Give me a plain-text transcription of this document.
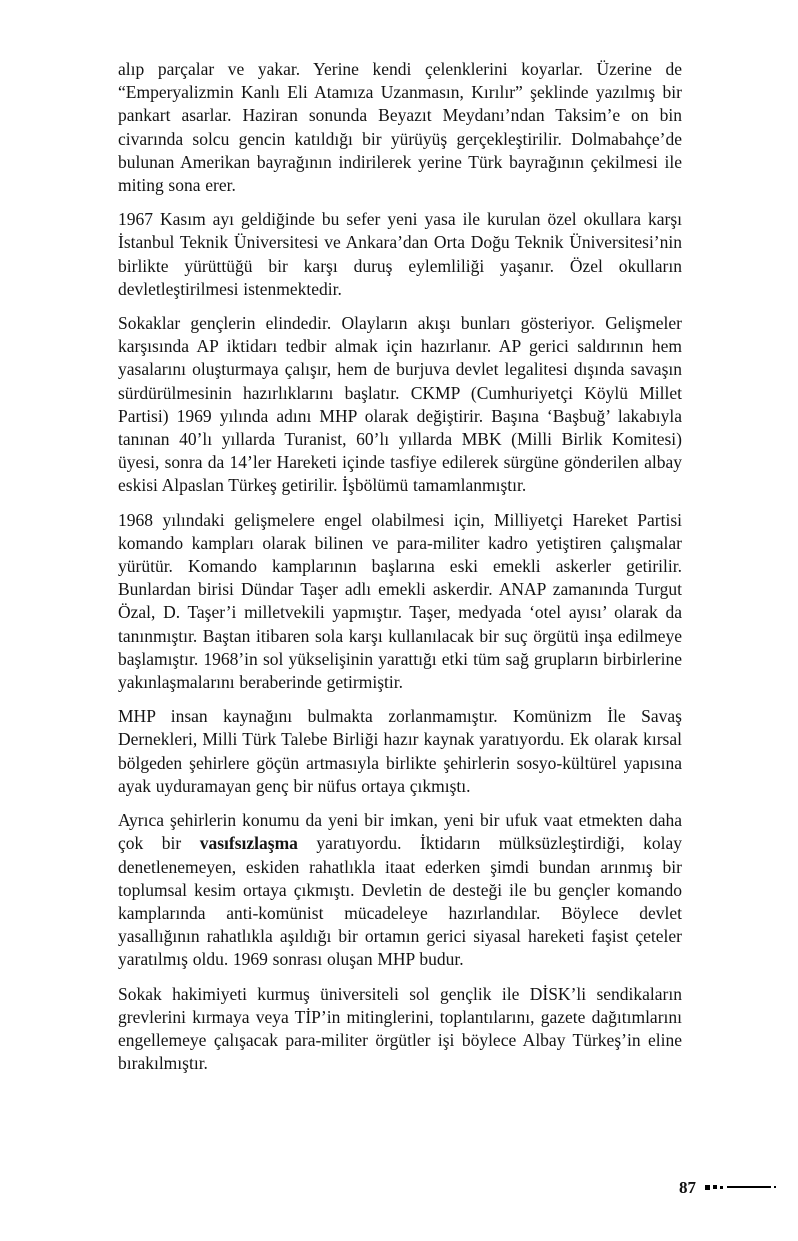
alıp parçalar ve yakar. Yerine kendi çelenklerini koyarlar. Üzerine de “Emperyalizmin Kanlı Eli Atamıza Uzanmasın, Kırılır” şeklinde yazılmış bir pankart asarlar. Haziran sonunda Beyazıt Meydanı’ndan Taksim’e on bin civarında solcu gencin katıldığı bir yürüyüş gerçekleştirilir. Dolmabahçe’de bulunan Amerikan bayrağının indirilerek yerine Türk bayrağının çekilmesi ile miting sona erer.

1967 Kasım ayı geldiğinde bu sefer yeni yasa ile kurulan özel okullara karşı İstanbul Teknik Üniversitesi ve Ankara’dan Orta Doğu Teknik Üniversitesi’nin birlikte yürüttüğü bir karşı duruş eylemliliği yaşanır. Özel okulların devletleştirilmesi istenmektedir.

Sokaklar gençlerin elindedir. Olayların akışı bunları gösteriyor. Gelişmeler karşısında AP iktidarı tedbir almak için hazırlanır. AP gerici saldırının hem yasalarını oluşturmaya çalışır, hem de burjuva devlet legalitesi dışında savaşın sürdürülmesinin hazırlıklarını başlatır. CKMP (Cumhuriyetçi Köylü Millet Partisi) 1969 yılında adını MHP olarak değiştirir. Başına ‘Başbuğ’ lakabıyla tanınan 40’lı yıllarda Turanist, 60’lı yıllarda MBK (Milli Birlik Komitesi) üyesi, sonra da 14’ler Hareketi içinde tasfiye edilerek sürgüne gönderilen albay eskisi Alpaslan Türkeş getirilir. İşbölümü tamamlanmıştır.

1968 yılındaki gelişmelere engel olabilmesi için, Milliyetçi Hareket Partisi komando kampları olarak bilinen ve para-militer kadro yetiştiren çalışmalar yürütür. Komando kamplarının başlarına eski emekli askerler getirilir. Bunlardan birisi Dündar Taşer adlı emekli askerdir. ANAP zamanında Turgut Özal, D. Taşer’i milletvekili yapmıştır. Taşer, medyada ‘otel ayısı’ olarak da tanınmıştır. Baştan itibaren sola karşı kullanılacak bir suç örgütü inşa edilmeye başlamıştır. 1968’in sol yükselişinin yarattığı etki tüm sağ grupların birbirlerine yakınlaşmalarını beraberinde getirmiştir.

MHP insan kaynağını bulmakta zorlanmamıştır. Komünizm İle Savaş Dernekleri, Milli Türk Talebe Birliği hazır kaynak yaratıyordu. Ek olarak kırsal bölgeden şehirlere göçün artmasıyla birlikte şehirlerin sosyo-kültürel yapısına ayak uyduramayan genç bir nüfus ortaya çıkmıştı.

Ayrıca şehirlerin konumu da yeni bir imkan, yeni bir ufuk vaat etmekten daha çok bir vasıfsızlaşma yaratıyordu. İktidarın mülksüzleştirdiği, kolay denetlenemeyen, eskiden rahatlıkla itaat ederken şimdi bundan arınmış bir toplumsal kesim ortaya çıkmıştı. Devletin de desteği ile bu gençler komando kamplarında anti-komünist mücadeleye hazırlandılar. Böylece devlet yasallığının rahatlıkla aşıldığı bir ortamın gerici siyasal hareketi faşist çeteler yaratılmış oldu. 1969 sonrası oluşan MHP budur.

Sokak hakimiyeti kurmuş üniversiteli sol gençlik ile DİSK’li sendikaların grevlerini kırmaya veya TİP’in mitinglerini, toplantılarını, gazete dağıtımlarını engellemeye çalışacak para-militer örgütler işi böylece Albay Türkeş’in eline bırakılmıştır.

87
